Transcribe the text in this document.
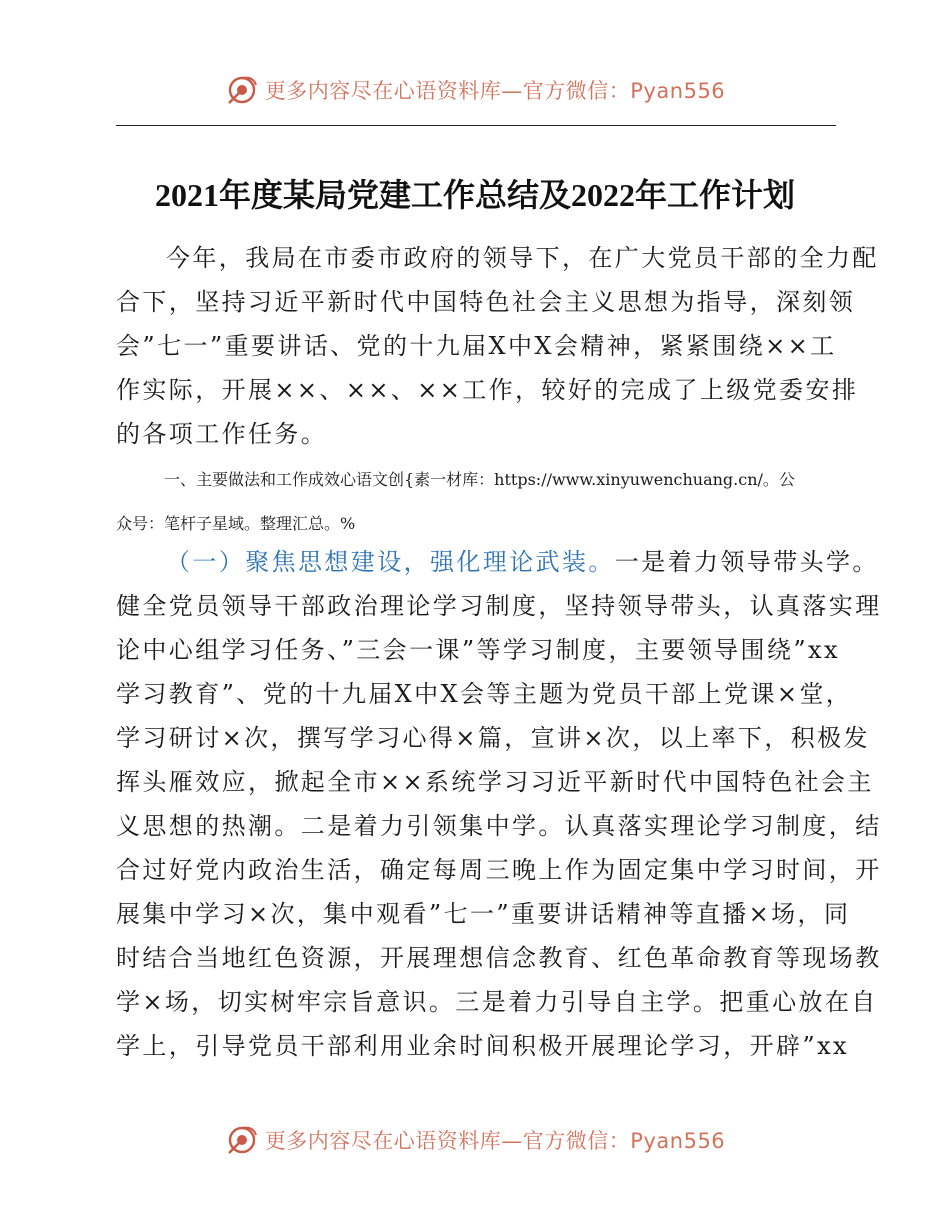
更多内容尽在心语资料库—官方微信：Pyan556
2021年度某局党建工作总结及2022年工作计划
今年，我局在市委市政府的领导下，在广大党员干部的全力配
合下，坚持习近平新时代中国特色社会主义思想为指导，深刻领
会”七一”重要讲话、党的十九届X中X会精神，紧紧围绕××工
作实际，开展××、××、××工作，较好的完成了上级党委安排
的各项工作任务。
一、主要做法和工作成效心语文创{素一材库：https://www.xinyuwenchuang.cn/。公
众号：笔杆子星域。整理汇总。%
（一）聚焦思想建设，强化理论武装。一是着力领导带头学。
健全党员领导干部政治理论学习制度，坚持领导带头，认真落实理
论中心组学习任务、”三会一课”等学习制度，主要领导围绕”xx
学习教育”、党的十九届X中X会等主题为党员干部上党课×堂，
学习研讨×次，撰写学习心得×篇，宣讲×次，以上率下，积极发
挥头雁效应，掀起全市××系统学习习近平新时代中国特色社会主
义思想的热潮。二是着力引领集中学。认真落实理论学习制度，结
合过好党内政治生活，确定每周三晚上作为固定集中学习时间，开
展集中学习×次，集中观看”七一”重要讲话精神等直播×场，同
时结合当地红色资源，开展理想信念教育、红色革命教育等现场教
学×场，切实树牢宗旨意识。三是着力引导自主学。把重心放在自
学上，引导党员干部利用业余时间积极开展理论学习，开辟”xx
更多内容尽在心语资料库—官方微信：Pyan556
